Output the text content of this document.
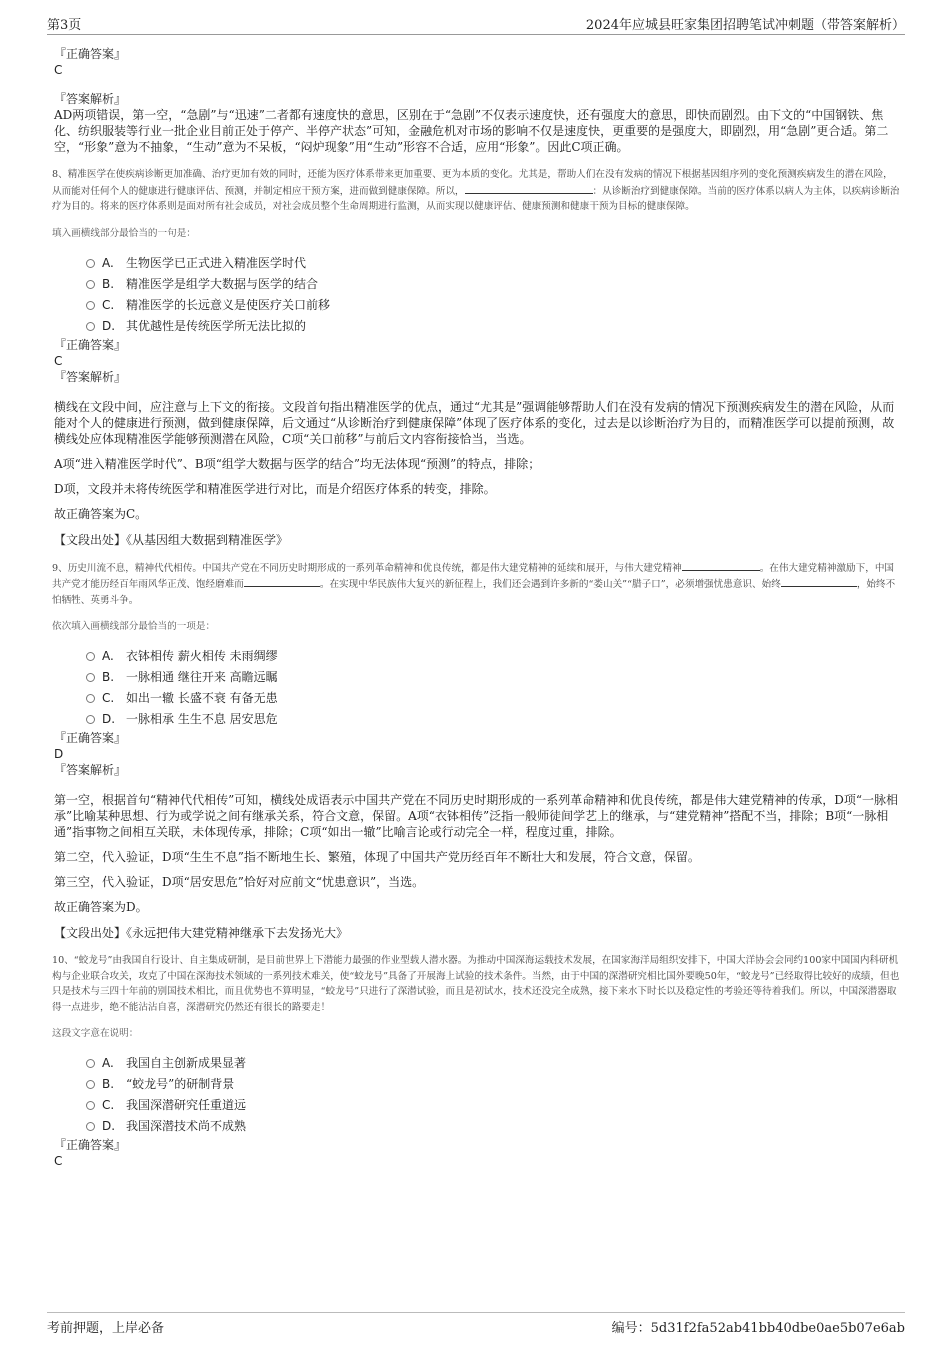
第3页	2024年应城县旺家集团招聘笔试冲刺题（带答案解析）
『正确答案』
C
『答案解析』

AD两项错误，第一空，“急剧”与“迅速”二者都有速度快的意思，区别在于“急剧”不仅表示速度快，还有强度大的意思，即快而剧烈。由下文的“中国钢铁、焦化、纺织服装等行业一批企业目前正处于停产、半停产状态”可知，金融危机对市场的影响不仅是速度快，更重要的是强度大，即剧烈，用“急剧”更合适。第二空，“形象”意为不抽象，“生动”意为不呆板，“闷炉现象”用“生动”形容不合适，应用“形象”。因此C项正确。

8、精准医学在使疾病诊断更加准确、治疗更加有效的同时，还能为医疗体系带来更加重要、更为本质的变化。尤其是，帮助人们在没有发病的情况下根据基因组序列的变化预测疾病发生的潜在风险，从而能对任何个人的健康进行健康评估、预测，并制定相应干预方案，进而做到健康保障。所以，	：从诊断治疗到健康保障。当前的医疗体系以病人为主体，以疾病诊断治疗为目的。将来的医疗体系则是面对所有社会成员，对社会成员整个生命周期进行监测，从而实现以健康评估、健康预测和健康干预为目标的健康保障。

填入画横线部分最恰当的一句是：

A. 生物医学已正式进入精准医学时代
B. 精准医学是组学大数据与医学的结合
C. 精准医学的长远意义是使医疗关口前移
D. 其优越性是传统医学所无法比拟的
『正确答案』
C
『答案解析』

横线在文段中间，应注意与上下文的衔接。文段首句指出精准医学的优点，通过“尤其是”强调能够帮助人们在没有发病的情况下预测疾病发生的潜在风险，从而能对个人的健康进行预测，做到健康保障，后文通过“从诊断治疗到健康保障”体现了医疗体系的变化，过去是以诊断治疗为目的，而精准医学可以提前预测，故横线处应体现精准医学能够预测潜在风险，C项“关口前移”与前后文内容衔接恰当，当选。

A项“进入精准医学时代”、B项“组学大数据与医学的结合”均无法体现“预测”的特点，排除；

D项，文段并未将传统医学和精准医学进行对比，而是介绍医疗体系的转变，排除。

故正确答案为C。

【文段出处】《从基因组大数据到精准医学》

9、历史川流不息，精神代代相传。中国共产党在不同历史时期形成的一系列革命精神和优良传统，都是伟大建党精神的延续和展开，与伟大建党精神	。在伟大建党精神激励下，中国共产党才能历经百年雨风华正茂、饱经磨难而	。在实现中华民族伟大复兴的新征程上，我们还会遇到许多新的“娄山关”“腊子口”，必须增强忧患意识、始终	，始终不怕牺牲、英勇斗争。

依次填入画横线部分最恰当的一项是：

A. 衣钵相传 薪火相传 未雨绸缪
B. 一脉相通 继往开来 高瞻远瞩
C. 如出一辙 长盛不衰 有备无患
D. 一脉相承 生生不息 居安思危
『正确答案』
D
『答案解析』

第一空，根据首句“精神代代相传”可知，横线处成语表示中国共产党在不同历史时期形成的一系列革命精神和优良传统，都是伟大建党精神的传承，D项“一脉相承”比喻某种思想、行为或学说之间有继承关系，符合文意，保留。A项“衣钵相传”泛指一般师徒间学艺上的继承，与“建党精神”搭配不当，排除；B项“一脉相通”指事物之间相互关联，未体现传承，排除；C项“如出一辙”比喻言论或行动完全一样，程度过重，排除。

第二空，代入验证，D项“生生不息”指不断地生长、繁殖，体现了中国共产党历经百年不断壮大和发展，符合文意，保留。

第三空，代入验证，D项“居安思危”恰好对应前文“忧患意识”，当选。

故正确答案为D。

【文段出处】《永远把伟大建党精神继承下去发扬光大》

10、“蛟龙号”由我国自行设计、自主集成研制，是目前世界上下潜能力最强的作业型载人潜水器。为推动中国深海运载技术发展，在国家海洋局组织安排下，中国大洋协会会同约100家中国国内科研机构与企业联合攻关，攻克了中国在深海技术领域的一系列技术难关，使“蛟龙号”具备了开展海上试验的技术条件。当然，由于中国的深潜研究相比国外要晚50年，“蛟龙号”已经取得比较好的成绩，但也只是技术与三四十年前的别国技术相比，而且优势也不算明显，“蛟龙号”只进行了深潜试验，而且是初试水，技术还没完全成熟，接下来水下时长以及稳定性的考验还等待着我们。所以，中国深潜器取得一点进步，绝不能沾沾自喜，深潜研究仍然还有很长的路要走！

这段文字意在说明：

A. 我国自主创新成果显著
B. “蛟龙号”的研制背景
C. 我国深潜研究任重道远
D. 我国深潜技术尚不成熟
『正确答案』
C
考前押题，上岸必备	编号：5d31f2fa52ab41bb40dbe0ae5b07e6ab
